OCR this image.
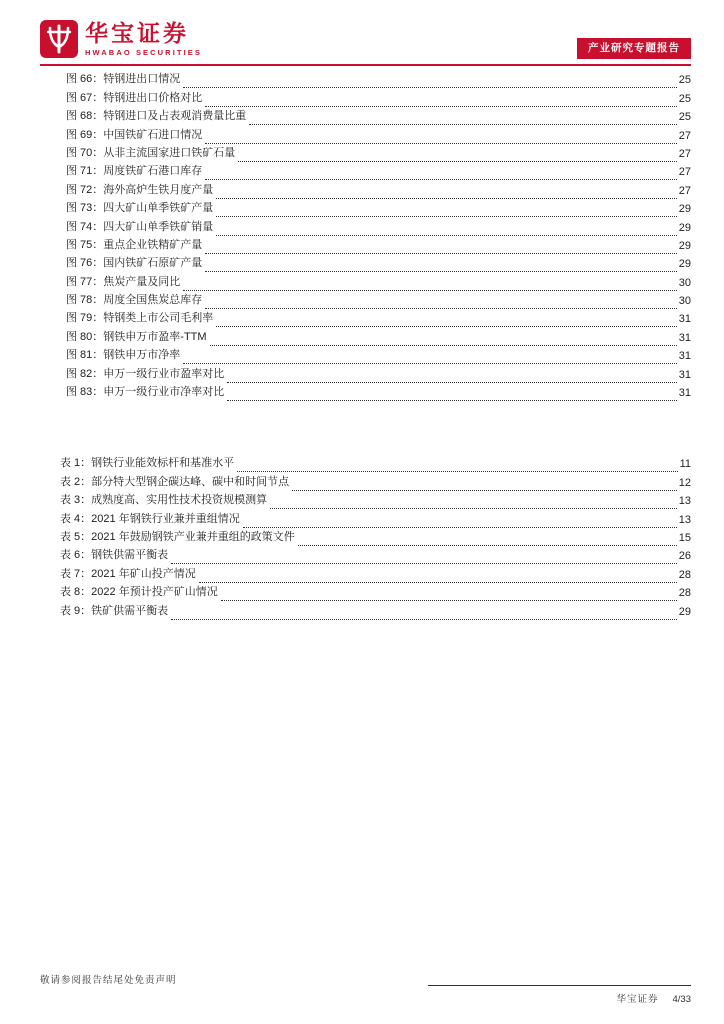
华宝证券
HWABAO SECURITIES	产业研究专题报告
图 66：特钢进出口情况	25
图 67：特钢进出口价格对比	25
图 68：特钢进口及占表观消费量比重	25
图 69：中国铁矿石进口情况	27
图 70：从非主流国家进口铁矿石量	27
图 71：周度铁矿石港口库存	27
图 72：海外高炉生铁月度产量	27
图 73：四大矿山单季铁矿产量	29
图 74：四大矿山单季铁矿销量	29
图 75：重点企业铁精矿产量	29
图 76：国内铁矿石原矿产量	29
图 77：焦炭产量及同比	30
图 78：周度全国焦炭总库存	30
图 79：特钢类上市公司毛利率	31
图 80：钢铁申万市盈率-TTM	31
图 81：钢铁申万市净率	31
图 82：申万一级行业市盈率对比	31
图 83：申万一级行业市净率对比	31
表 1：钢铁行业能效标杆和基准水平	11
表 2：部分特大型钢企碳达峰、碳中和时间节点	12
表 3：成熟度高、实用性技术投资规模测算	13
表 4：2021 年钢铁行业兼并重组情况	13
表 5：2021 年鼓励钢铁产业兼并重组的政策文件	15
表 6：钢铁供需平衡表	26
表 7：2021 年矿山投产情况	28
表 8：2022 年预计投产矿山情况	28
表 9：铁矿供需平衡表	29
敬请参阅报告结尾处免责声明
华宝证券 4/33
